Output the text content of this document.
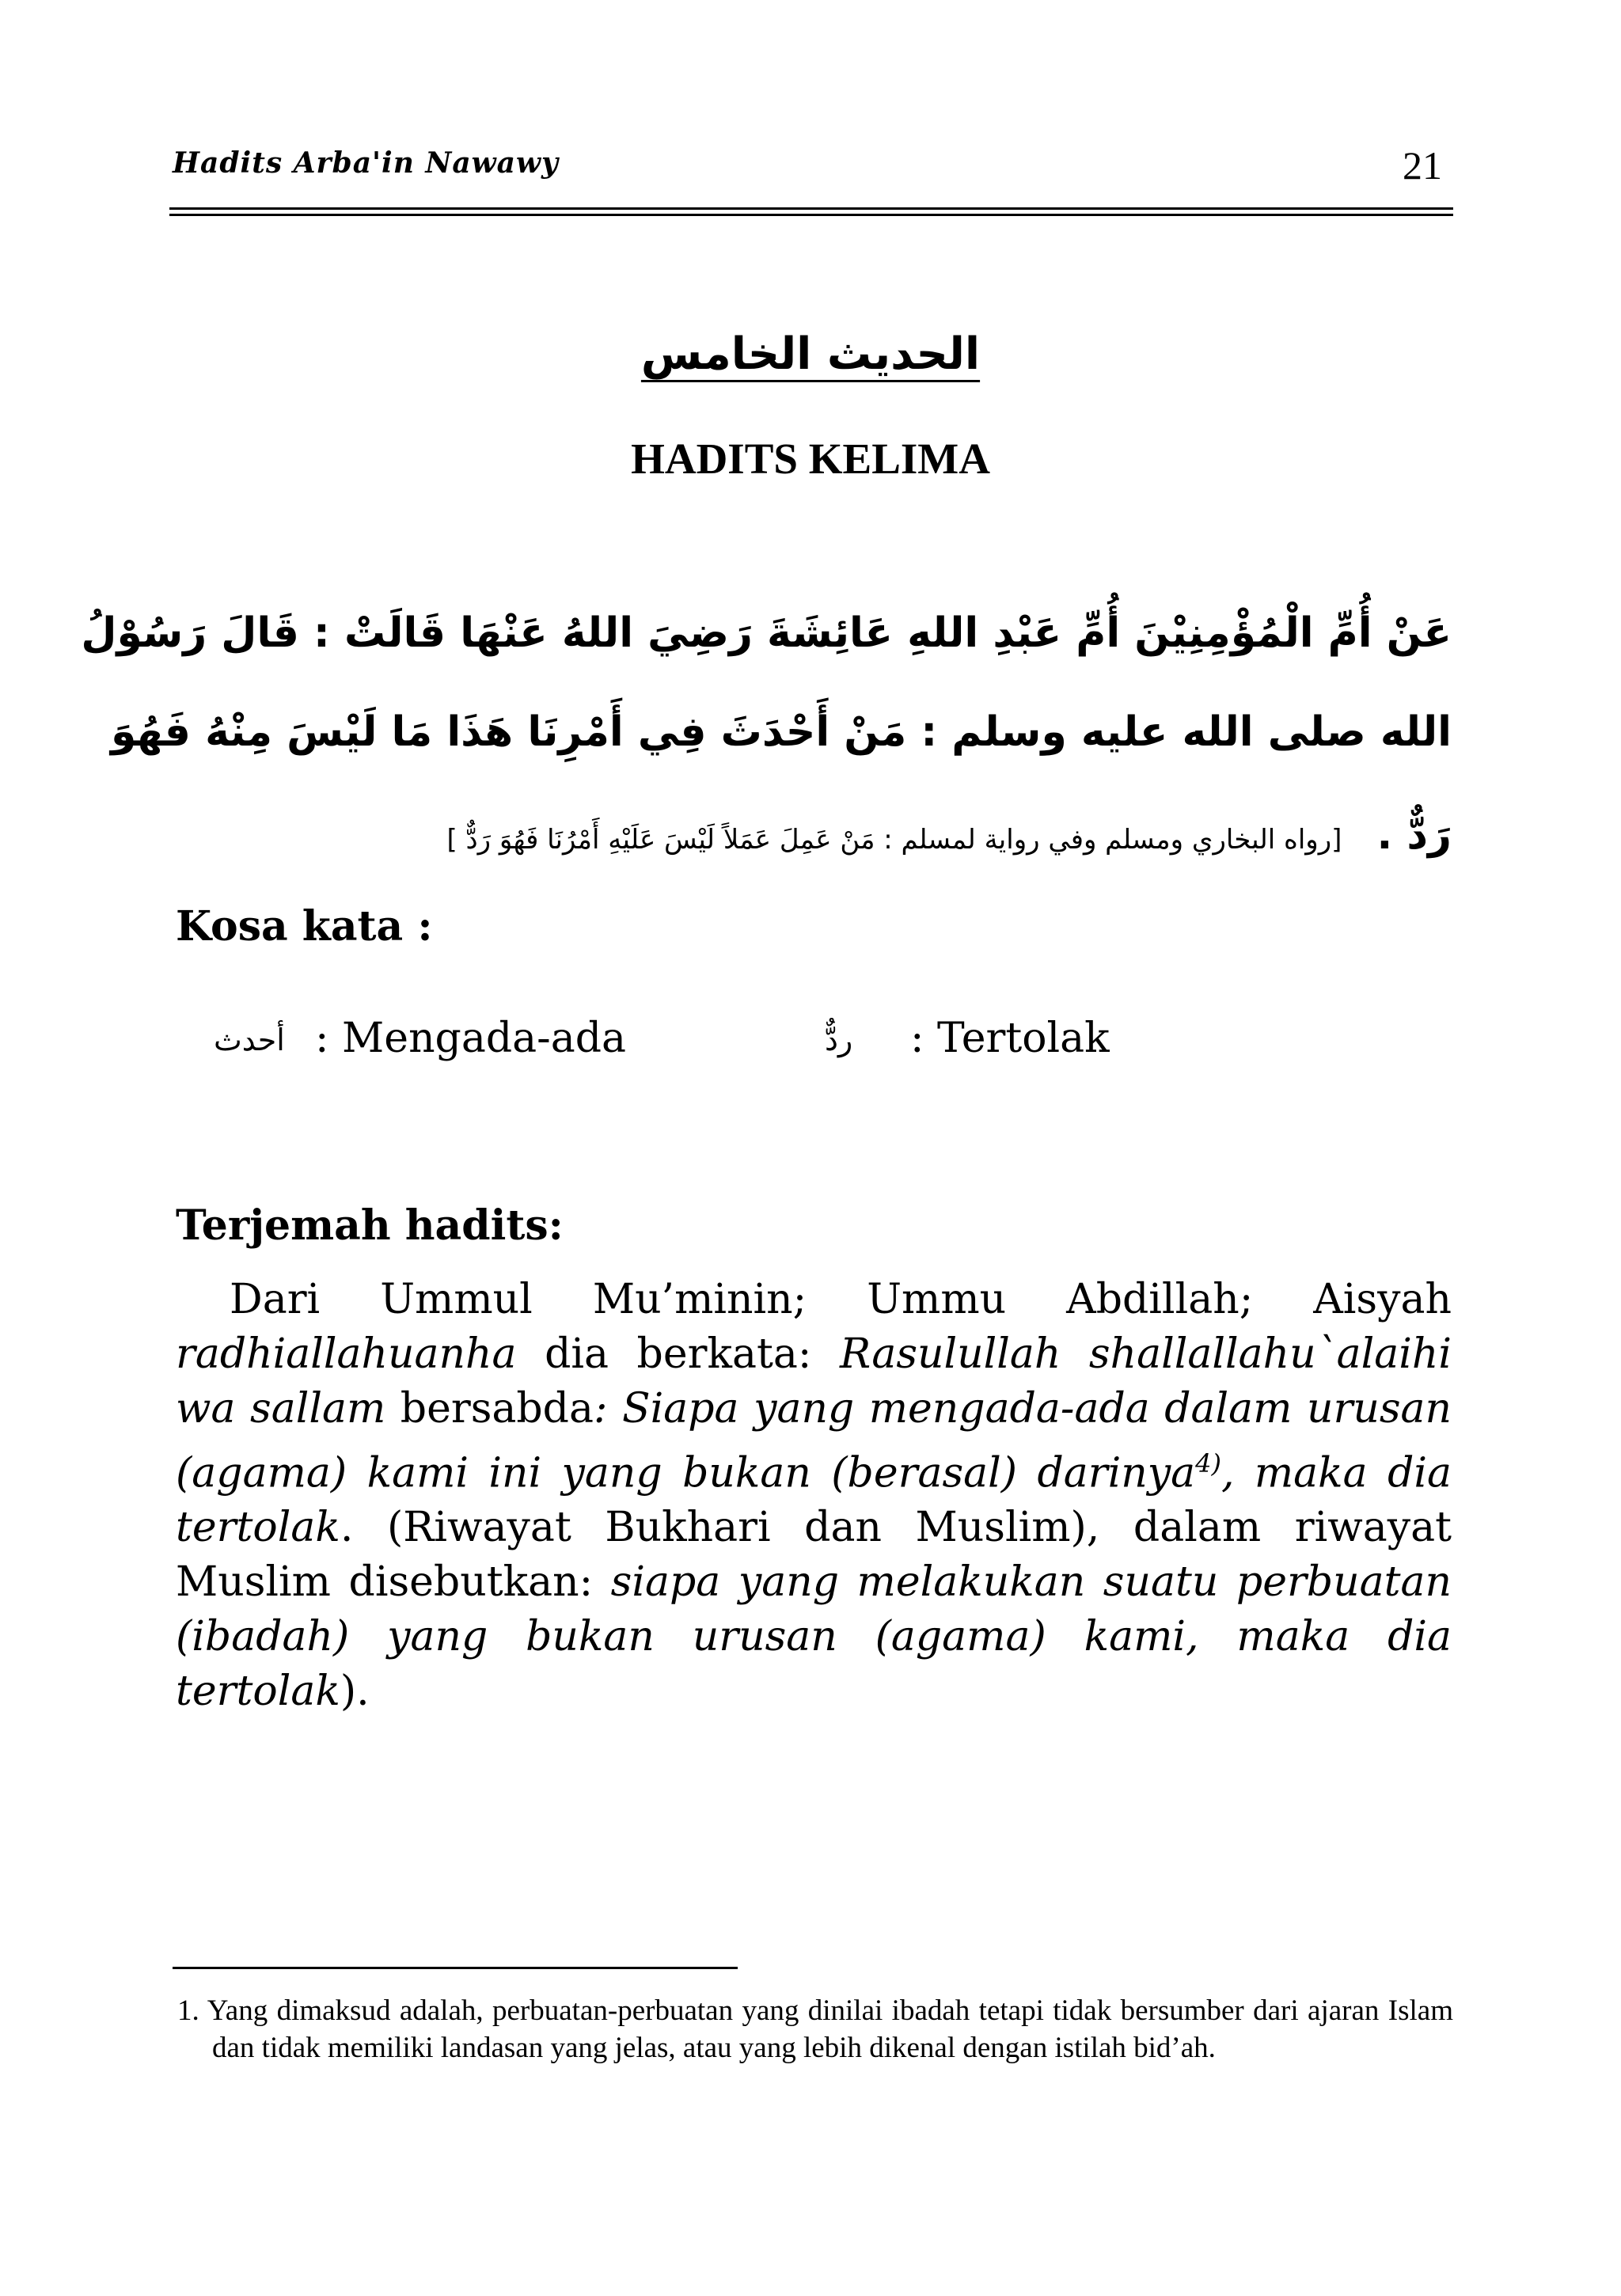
Hadits Arba'in Nawawy	21
الحديث الخامس
HADITS KELIMA
عَنْ أُمِّ الْمُؤْمِنِيْنَ أُمِّ عَبْدِ اللهِ عَائِشَةَ رَضِيَ اللهُ عَنْهَا قَالَتْ : قَالَ رَسُوْلُ
الله صلى الله عليه وسلم : مَنْ أَحْدَثَ فِي أَمْرِنَا هَذَا مَا لَيْسَ مِنْهُ فَهُوَ
رَدٌّ . [رواه البخاري ومسلم وفي رواية لمسلم : مَنْ عَمِلَ عَمَلاً لَيْسَ عَلَيْهِ أَمْرُنَا فَهُوَ رَدٌّ ]
Kosa kata :
أحدث : Mengada-ada	ردٌّ : Tertolak
Terjemah hadits:

Dari Ummul Mu’minin; Ummu Abdillah; Aisyah radhiallahuanha dia berkata: Rasulullah shallallahu`alaihi wa sallam bersabda: Siapa yang mengada-ada dalam urusan (agama) kami ini yang bukan (berasal) darinya$^{4)}$, maka dia tertolak. (Riwayat Bukhari dan Muslim), dalam riwayat Muslim disebutkan: siapa yang melakukan suatu perbuatan (ibadah) yang bukan urusan (agama) kami, maka dia tertolak).

1. Yang dimaksud adalah, perbuatan-perbuatan yang dinilai ibadah tetapi tidak bersumber dari ajaran Islam dan tidak memiliki landasan yang jelas, atau yang lebih dikenal dengan istilah bid’ah.
